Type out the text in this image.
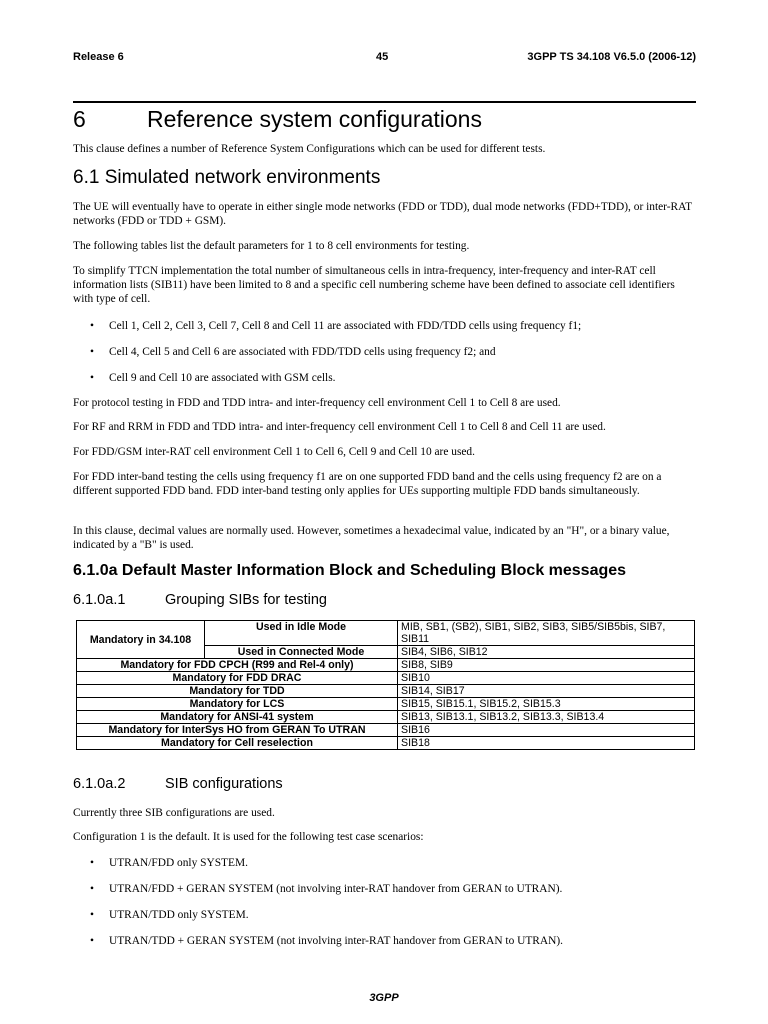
Release 6	45	3GPP TS 34.108 V6.5.0 (2006-12)
6	Reference system configurations
This clause defines a number of Reference System Configurations which can be used for different tests.
6.1 Simulated network environments
The UE will eventually have to operate in either single mode networks (FDD or TDD), dual mode networks (FDD+TDD), or inter-RAT networks (FDD or TDD + GSM).
The following tables list the default parameters for 1 to 8 cell environments for testing.
To simplify TTCN implementation the total number of simultaneous cells in intra-frequency, inter-frequency and inter-RAT cell information lists (SIB11) have been limited to 8 and a specific cell numbering scheme have been defined to associate cell identifiers with type of cell.
• Cell 1, Cell 2, Cell 3, Cell 7, Cell 8 and Cell 11 are associated with FDD/TDD cells using frequency f1;
• Cell 4, Cell 5 and Cell 6 are associated with FDD/TDD cells using frequency f2; and
• Cell 9 and Cell 10 are associated with GSM cells.
For protocol testing in FDD and TDD intra- and inter-frequency cell environment Cell 1 to Cell 8 are used.
For RF and RRM in FDD and TDD intra- and inter-frequency cell environment Cell 1 to Cell 8 and Cell 11 are used.
For FDD/GSM inter-RAT cell environment Cell 1 to Cell 6, Cell 9 and Cell 10 are used.
For FDD inter-band testing the cells using frequency f1 are on one supported FDD band and the cells using frequency f2 are on a different supported FDD band. FDD inter-band testing only applies for UEs supporting multiple FDD bands simultaneously.
In this clause, decimal values are normally used. However, sometimes a hexadecimal value, indicated by an "H", or a binary value, indicated by a "B" is used.
6.1.0a Default Master Information Block and Scheduling Block messages
6.1.0a.1	Grouping SIBs for testing
Mandatory in 34.108	Used in Idle Mode	MIB, SB1, (SB2), SIB1, SIB2, SIB3, SIB5/SIB5bis, SIB7, SIB11
	Used in Connected Mode	SIB4, SIB6, SIB12
Mandatory for FDD CPCH (R99 and Rel-4 only)		SIB8, SIB9
Mandatory for FDD DRAC		SIB10
Mandatory for TDD		SIB14, SIB17
Mandatory for LCS		SIB15, SIB15.1, SIB15.2, SIB15.3
Mandatory for ANSI-41 system		SIB13, SIB13.1, SIB13.2, SIB13.3, SIB13.4
Mandatory for InterSys HO from GERAN To UTRAN		SIB16
Mandatory for Cell reselection		SIB18
6.1.0a.2	SIB configurations
Currently three SIB configurations are used.
Configuration 1 is the default. It is used for the following test case scenarios:
• UTRAN/FDD only SYSTEM.
• UTRAN/FDD + GERAN SYSTEM (not involving inter-RAT handover from GERAN to UTRAN).
• UTRAN/TDD only SYSTEM.
• UTRAN/TDD + GERAN SYSTEM (not involving inter-RAT handover from GERAN to UTRAN).
3GPP
